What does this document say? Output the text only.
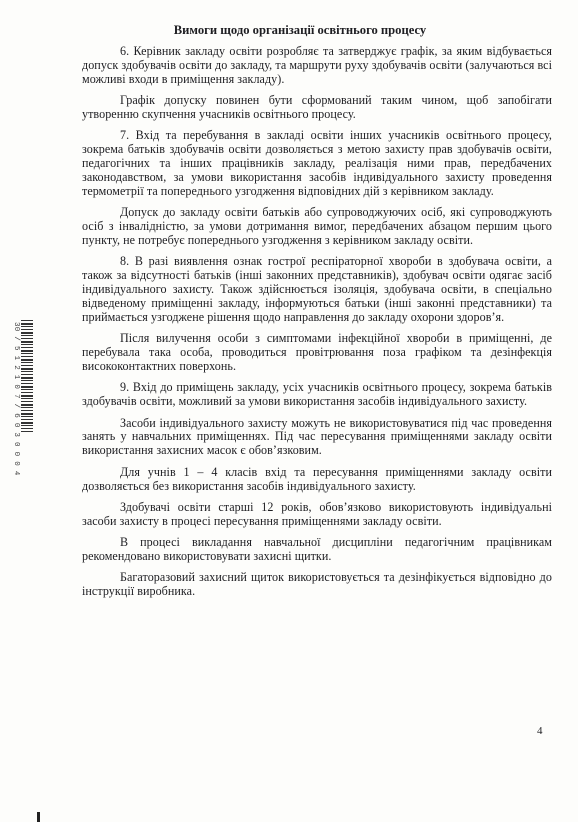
Вимоги щодо організації освітнього процесу

6. Керівник закладу освіти розробляє та затверджує графік, за яким відбувається допуск здобувачів освіти до закладу, та маршрути руху здобувачів освіти (залучаються всі можливі входи в приміщення закладу).

Графік допуску повинен бути сформований таким чином, щоб запобігати утворенню скупчення учасників освітнього процесу.

7. Вхід та перебування в закладі освіти інших учасників освітнього процесу, зокрема батьків здобувачів освіти дозволяється з метою захисту прав здобувачів освіти, педагогічних та інших працівників закладу, реалізація ними прав, передбачених законодавством, за умови використання засобів індивідуального захисту проведення термометрії та попереднього узгодження відповідних дій з керівником закладу.

Допуск до закладу освіти батьків або супроводжуючих осіб, які супроводжують осіб з інвалідністю, за умови дотримання вимог, передбачених абзацом першим цього пункту, не потребує попереднього узгодження з керівником закладу освіти.

8. В разі виявлення ознак гострої респіраторної хвороби в здобувача освіти, а також за відсутності батьків (інші законних представників), здобувач освіти одягає засіб індивідуального захисту. Також здійснюється ізоляція, здобувача освіти, в спеціально відведеному приміщенні закладу, інформуються батьки (інші законні представники) та приймається узгоджене рішення щодо направлення до закладу охорони здоров’я.

Після вилучення особи з симптомами інфекційної хвороби в приміщенні, де перебувала така особа, проводиться провітрювання поза графіком та дезінфекція висококонтактних поверхонь.

9. Вхід до приміщень закладу, усіх учасників освітнього процесу, зокрема батьків здобувачів освіти, можливий за умови використання засобів індивідуального захисту.

Засоби індивідуального захисту можуть не використовуватися під час проведення занять у навчальних приміщеннях. Під час пересування приміщеннями закладу освіти використання захисних масок є обов’язковим.

Для учнів 1 – 4 класів вхід та пересування приміщеннями закладу освіти дозволяється без використання засобів індивідуального захисту.

Здобувачі освіти старші 12 років, обов’язково використовують індивідуальні засоби захисту в процесі пересування приміщеннями закладу освіти.

В процесі викладання навчальної дисципліни педагогічним працівникам рекомендовано використовувати захисні щитки.

Багаторазовий захисний щиток використовується та дезінфікується відповідно до інструкції виробника.

4
30 / 5 1 2 1 0 7 / 6 0 3 0 0 0 4
